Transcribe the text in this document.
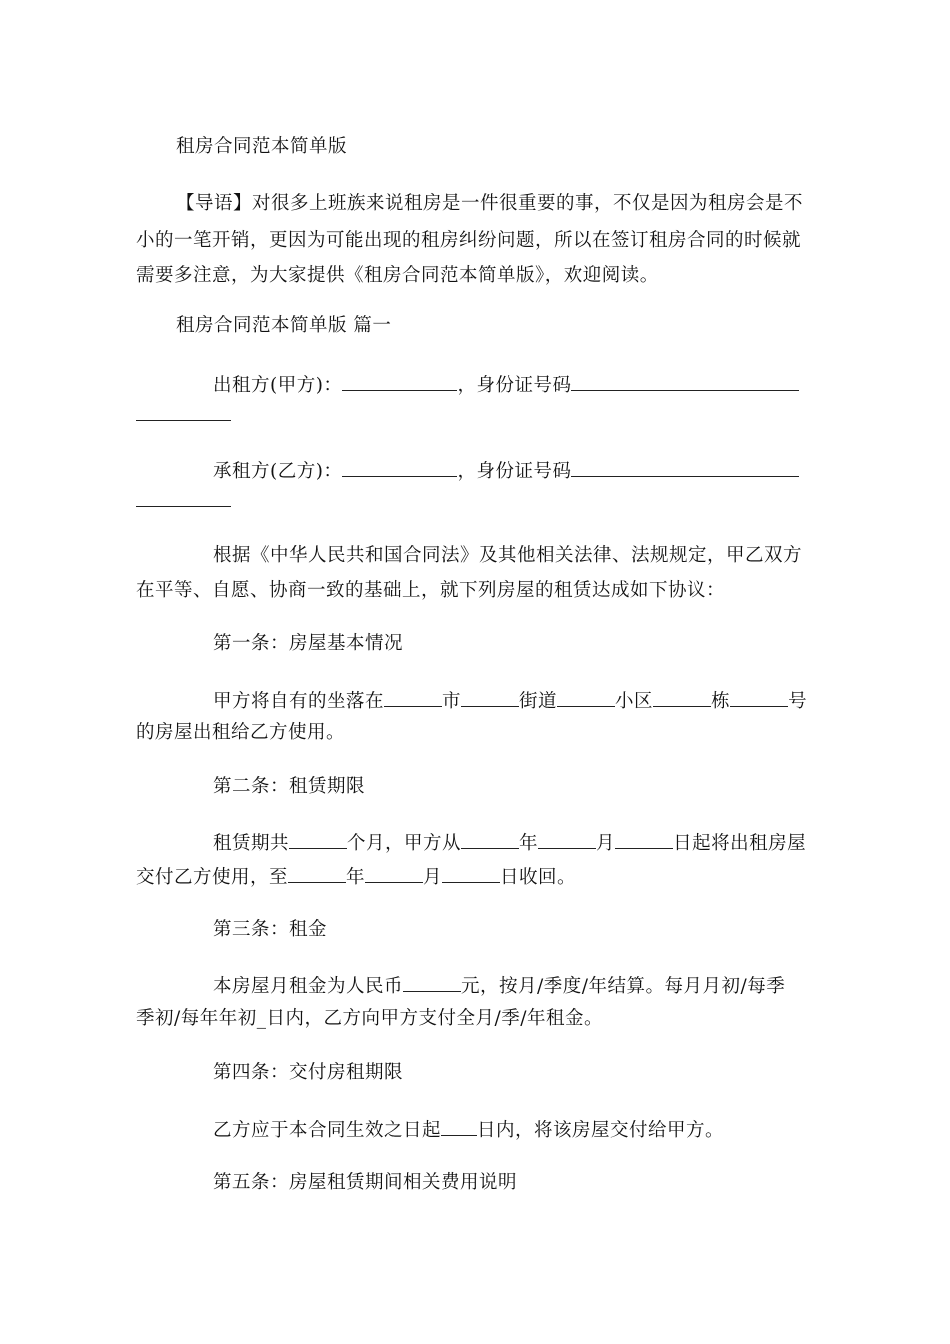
租房合同范本简单版
【导语】对很多上班族来说租房是一件很重要的事，不仅是因为租房会是不
小的一笔开销，更因为可能出现的租房纠纷问题，所以在签订租房合同的时候就
需要多注意，为大家提供《租房合同范本简单版》，欢迎阅读。
租房合同范本简单版 篇一
出租方(甲方)：	，身份证号码
承租方(乙方)：	，身份证号码
根据《中华人民共和国合同法》及其他相关法律、法规规定，甲乙双方
在平等、自愿、协商一致的基础上，就下列房屋的租赁达成如下协议：
第一条：房屋基本情况
甲方将自有的坐落在	市	街道	小区	栋	号
的房屋出租给乙方使用。
第二条：租赁期限
租赁期共	个月，甲方从	年	月	日起将出租房屋
交付乙方使用，至	年	月	日收回。
第三条：租金
本房屋月租金为人民币	元，按月/季度/年结算。每月月初/每季
季初/每年年初_日内，乙方向甲方支付全月/季/年租金。
第四条：交付房租期限
乙方应于本合同生效之日起 日内，将该房屋交付给甲方。
第五条：房屋租赁期间相关费用说明
